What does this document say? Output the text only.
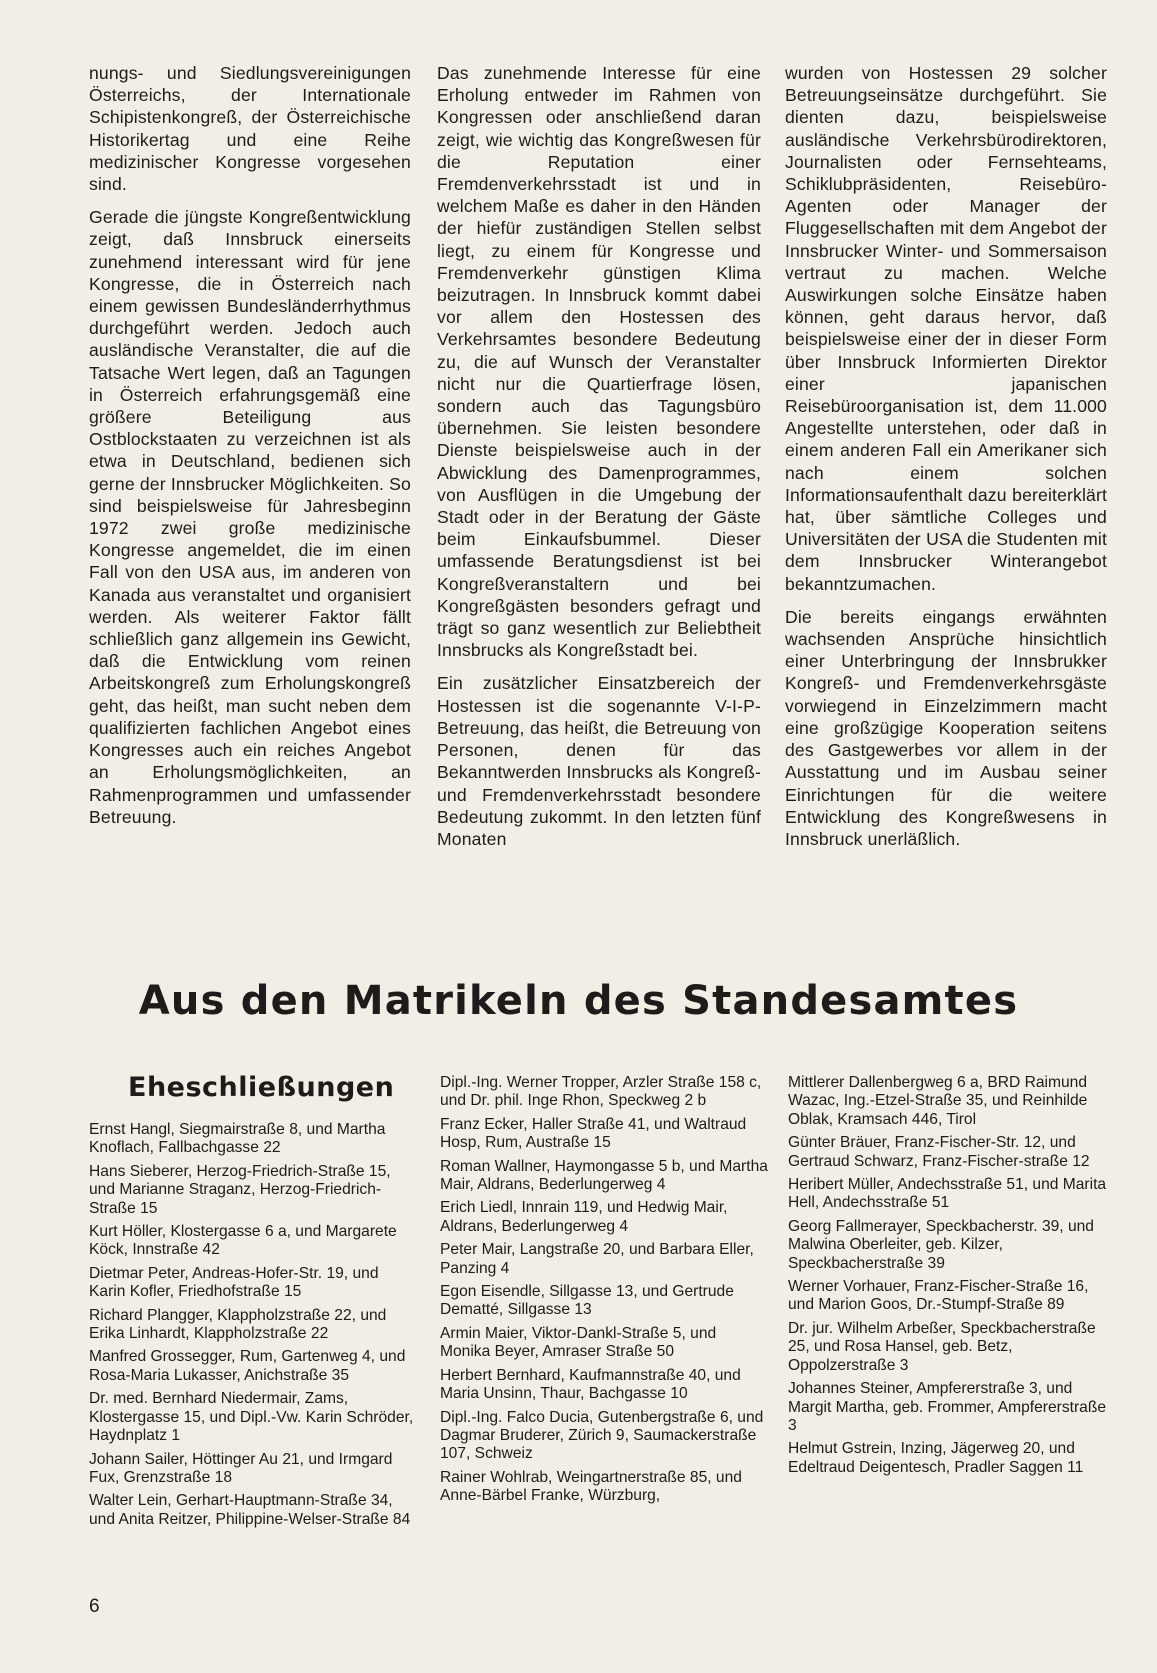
nungs- und Siedlungsvereinigungen Österreichs, der Internationale Schipistenkongreß, der Österreichische Historikertag und eine Reihe medizinischer Kongresse vorgesehen sind.

Gerade die jüngste Kongreßentwicklung zeigt, daß Innsbruck einerseits zunehmend interessant wird für jene Kongresse, die in Österreich nach einem gewissen Bundesländerrhythmus durchgeführt werden. Jedoch auch ausländische Veranstalter, die auf die Tatsache Wert legen, daß an Tagungen in Österreich erfahrungsgemäß eine größere Beteiligung aus Ostblockstaaten zu verzeichnen ist als etwa in Deutschland, bedienen sich gerne der Innsbrucker Möglichkeiten. So sind beispielsweise für Jahresbeginn 1972 zwei große medizinische Kongresse angemeldet, die im einen Fall von den USA aus, im anderen von Kanada aus veranstaltet und organisiert werden. Als weiterer Faktor fällt schließlich ganz allgemein ins Gewicht, daß die Entwicklung vom reinen Arbeitskongreß zum Erholungskongreß geht, das heißt, man sucht neben dem qualifizierten fachlichen Angebot eines Kongresses auch ein reiches Angebot an Erholungsmöglichkeiten, an Rahmenprogrammen und umfassender Betreuung.

Das zunehmende Interesse für eine Erholung entweder im Rahmen von Kongressen oder anschließend daran zeigt, wie wichtig das Kongreßwesen für die Reputation einer Fremdenverkehrsstadt ist und in welchem Maße es daher in den Händen der hiefür zuständigen Stellen selbst liegt, zu einem für Kongresse und Fremdenverkehr günstigen Klima beizutragen. In Innsbruck kommt dabei vor allem den Hostessen des Verkehrsamtes besondere Bedeutung zu, die auf Wunsch der Veranstalter nicht nur die Quartierfrage lösen, sondern auch das Tagungsbüro übernehmen. Sie leisten besondere Dienste beispielsweise auch in der Abwicklung des Damenprogrammes, von Ausflügen in die Umgebung der Stadt oder in der Beratung der Gäste beim Einkaufsbummel. Dieser umfassende Beratungsdienst ist bei Kongreßveranstaltern und bei Kongreßgästen besonders gefragt und trägt so ganz wesentlich zur Beliebtheit Innsbrucks als Kongreßstadt bei.

Ein zusätzlicher Einsatzbereich der Hostessen ist die sogenannte V-I-P-Betreuung, das heißt, die Betreuung von Personen, denen für das Bekanntwerden Innsbrucks als Kongreß- und Fremdenverkehrsstadt besondere Bedeutung zukommt. In den letzten fünf Monaten

wurden von Hostessen 29 solcher Betreuungseinsätze durchgeführt. Sie dienten dazu, beispielsweise ausländische Verkehrsbürodirektoren, Journalisten oder Fernsehteams, Schiklubpräsidenten, Reisebüro-Agenten oder Manager der Fluggesellschaften mit dem Angebot der Innsbrucker Winter- und Sommersaison vertraut zu machen. Welche Auswirkungen solche Einsätze haben können, geht daraus hervor, daß beispielsweise einer der in dieser Form über Innsbruck Informierten Direktor einer japanischen Reisebüroorganisation ist, dem 11.000 Angestellte unterstehen, oder daß in einem anderen Fall ein Amerikaner sich nach einem solchen Informationsaufenthalt dazu bereiterklärt hat, über sämtliche Colleges und Universitäten der USA die Studenten mit dem Innsbrucker Winterangebot bekanntzumachen.

Die bereits eingangs erwähnten wachsenden Ansprüche hinsichtlich einer Unterbringung der Innsbrukker Kongreß- und Fremdenverkehrsgäste vorwiegend in Einzelzimmern macht eine großzügige Kooperation seitens des Gastgewerbes vor allem in der Ausstattung und im Ausbau seiner Einrichtungen für die weitere Entwicklung des Kongreßwesens in Innsbruck unerläßlich.

Aus den Matrikeln des Standesamtes
Eheschließungen
Ernst Hangl, Siegmairstraße 8, und Martha Knoflach, Fallbachgasse 22
Hans Sieberer, Herzog-Friedrich-Straße 15, und Marianne Straganz, Herzog-Friedrich-Straße 15
Kurt Höller, Klostergasse 6 a, und Margarete Köck, Innstraße 42
Dietmar Peter, Andreas-Hofer-Str. 19, und Karin Kofler, Friedhofstraße 15
Richard Plangger, Klappholzstraße 22, und Erika Linhardt, Klappholzstraße 22
Manfred Grossegger, Rum, Gartenweg 4, und Rosa-Maria Lukasser, Anichstraße 35
Dr. med. Bernhard Niedermair, Zams, Klostergasse 15, und Dipl.-Vw. Karin Schröder, Haydnplatz 1
Johann Sailer, Höttinger Au 21, und Irmgard Fux, Grenzstraße 18
Walter Lein, Gerhart-Hauptmann-Straße 34, und Anita Reitzer, Philippine-Welser-Straße 84
Dipl.-Ing. Werner Tropper, Arzler Straße 158 c, und Dr. phil. Inge Rhon, Speckweg 2 b
Franz Ecker, Haller Straße 41, und Waltraud Hosp, Rum, Austraße 15
Roman Wallner, Haymongasse 5 b, und Martha Mair, Aldrans, Bederlungerweg 4
Erich Liedl, Innrain 119, und Hedwig Mair, Aldrans, Bederlungerweg 4
Peter Mair, Langstraße 20, und Barbara Eller, Panzing 4
Egon Eisendle, Sillgasse 13, und Gertrude Dematté, Sillgasse 13
Armin Maier, Viktor-Dankl-Straße 5, und Monika Beyer, Amraser Straße 50
Herbert Bernhard, Kaufmannstraße 40, und Maria Unsinn, Thaur, Bachgasse 10
Dipl.-Ing. Falco Ducia, Gutenbergstraße 6, und Dagmar Bruderer, Zürich 9, Saumackerstraße 107, Schweiz
Rainer Wohlrab, Weingartnerstraße 85, und Anne-Bärbel Franke, Würzburg,
Mittlerer Dallenbergweg 6 a, BRD Raimund Wazac, Ing.-Etzel-Straße 35, und Reinhilde Oblak, Kramsach 446, Tirol
Günter Bräuer, Franz-Fischer-Str. 12, und Gertraud Schwarz, Franz-Fischer-straße 12
Heribert Müller, Andechsstraße 51, und Marita Hell, Andechsstraße 51
Georg Fallmerayer, Speckbacherstr. 39, und Malwina Oberleiter, geb. Kilzer, Speckbacherstraße 39
Werner Vorhauer, Franz-Fischer-Straße 16, und Marion Goos, Dr.-Stumpf-Straße 89
Dr. jur. Wilhelm Arbeßer, Speckbacherstraße 25, und Rosa Hansel, geb. Betz, Oppolzerstraße 3
Johannes Steiner, Ampfererstraße 3, und Margit Martha, geb. Frommer, Ampfererstraße 3
Helmut Gstrein, Inzing, Jägerweg 20, und Edeltraud Deigentesch, Pradler Saggen 11
6
